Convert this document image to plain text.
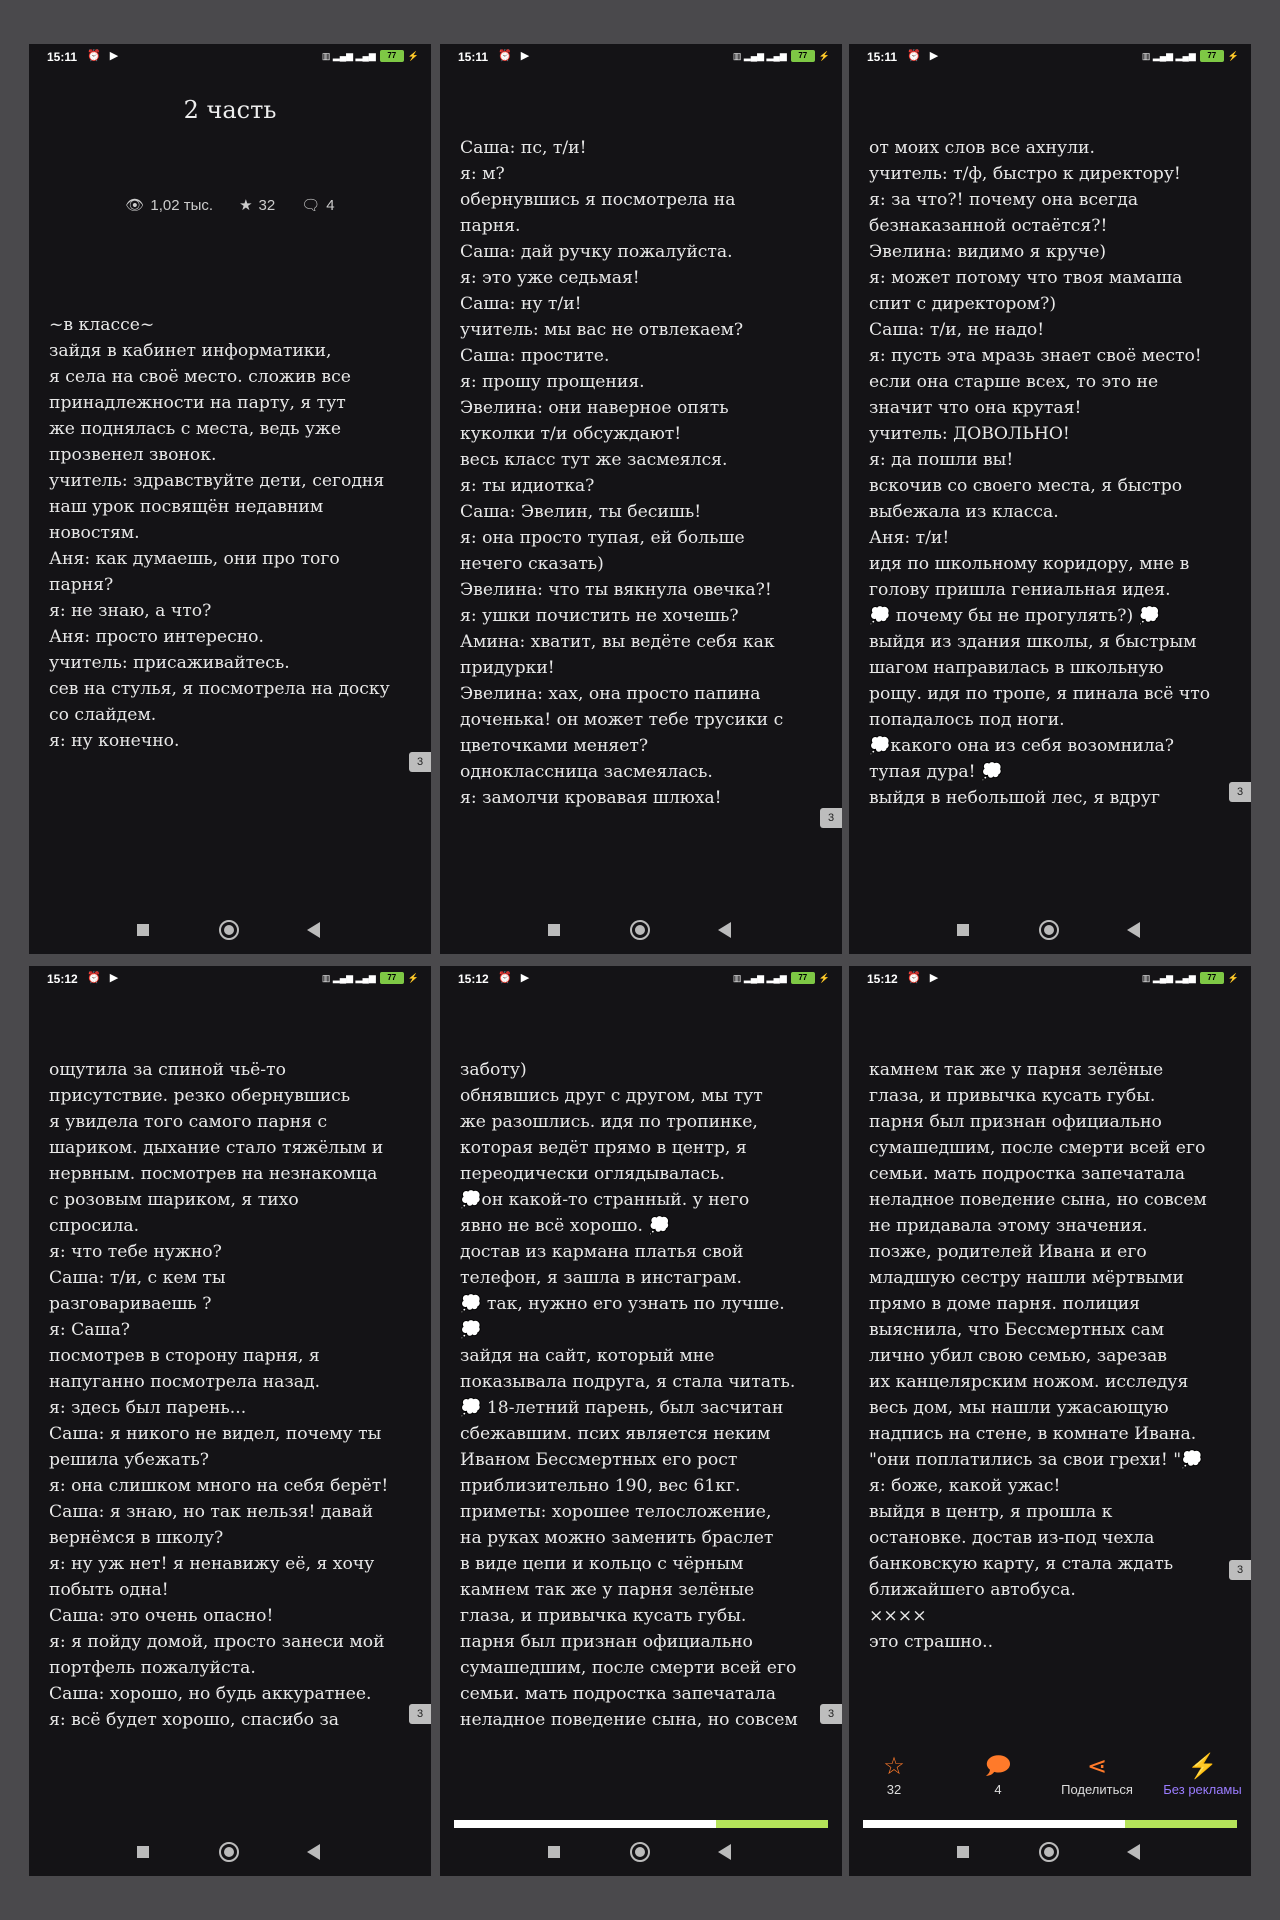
15:11 ⏰ ▶	▥ ▂▄▆ ▂▄▆	77	⚡
2 часть
👁 1,02 тыс. ★ 32 🗨 4
~в классе~
зайдя в кабинет информатики,
я села на своё место. сложив все
принадлежности на парту, я тут
же поднялась с места, ведь уже
прозвенел звонок.
учитель: здравствуйте дети, сегодня
наш урок посвящён недавним
новостям.
Аня: как думаешь, они про того
парня?
я: не знаю, а что?
Аня: просто интересно.
учитель: присаживайтесь.
сев на стулья, я посмотрела на доску
со слайдем.
я: ну конечно.
3
15:11 ⏰ ▶	▥ ▂▄▆ ▂▄▆	77	⚡
Саша: пс, т/и!
я: м?
обернувшись я посмотрела на
парня.
Саша: дай ручку пожалуйста.
я: это уже седьмая!
Саша: ну т/и!
учитель: мы вас не отвлекаем?
Саша: простите.
я: прошу прощения.
Эвелина: они наверное опять
куколки т/и обсуждают!
весь класс тут же засмеялся.
я: ты идиотка?
Саша: Эвелин, ты бесишь!
я: она просто тупая, ей больше
нечего сказать)
Эвелина: что ты вякнула овечка?!
я: ушки почистить не хочешь?
Амина: хватит, вы ведёте себя как
придурки!
Эвелина: хах, она просто папина
доченька! он может тебе трусики с
цветочками меняет?
одноклассница засмеялась.
я: замолчи кровавая шлюха!
3
15:11 ⏰ ▶	▥ ▂▄▆ ▂▄▆	77	⚡
от моих слов все ахнули.
учитель: т/ф, быстро к директору!
я: за что?! почему она всегда
безнаказанной остаётся?!
Эвелина: видимо я круче)
я: может потому что твоя мамаша
спит с директором?)
Саша: т/и, не надо!
я: пусть эта мразь знает своё место!
если она старше всех, то это не
значит что она крутая!
учитель: ДОВОЛЬНО!
я: да пошли вы!
вскочив со своего места, я быстро
выбежала из класса.
Аня: т/и!
идя по школьному коридору, мне в
голову пришла гениальная идея.
💭 почему бы не прогулять?) 💭
выйдя из здания школы, я быстрым
шагом направилась в школьную
рощу. идя по тропе, я пинала всё что
попадалось под ноги.
💭какого она из себя возомнила?
тупая дура! 💭
выйдя в небольшой лес, я вдруг	3
15:12 ⏰ ▶	▥ ▂▄▆ ▂▄▆	77	⚡
ощутила за спиной чьё-то
присутствие. резко обернувшись
я увидела того самого парня с
шариком. дыхание стало тяжёлым и
нервным. посмотрев на незнакомца
с розовым шариком, я тихо
спросила.
я: что тебе нужно?
Саша: т/и, с кем ты
разговариваешь ?
я: Саша?
посмотрев в сторону парня, я
напуганно посмотрела назад.
я: здесь был парень...
Саша: я никого не видел, почему ты
решила убежать?
я: она слишком много на себя берёт!
Саша: я знаю, но так нельзя! давай
вернёмся в школу?
я: ну уж нет! я ненавижу её, я хочу
побыть одна!
Саша: это очень опасно!
я: я пойду домой, просто занеси мой
портфель пожалуйста.
Саша: хорошо, но будь аккуратнее.
я: всё будет хорошо, спасибо за	3
15:12 ⏰ ▶	▥ ▂▄▆ ▂▄▆	77	⚡
заботу)
обнявшись друг с другом, мы тут
же разошлись. идя по тропинке,
которая ведёт прямо в центр, я
переодически оглядывалась.
💭он какой-то странный. у него
явно не всё хорошо. 💭
достав из кармана платья свой
телефон, я зашла в инстаграм.
💭 так, нужно его узнать по лучше.
💭
зайдя на сайт, который мне
показывала подруга, я стала читать.
💭 18-летний парень, был засчитан
сбежавшим. псих является неким
Иваном Бессмертных его рост
приблизительно 190, вес 61кг.
приметы: хорошее телосложение,
на руках можно заменить браслет
в виде цепи и кольцо с чёрным
камнем так же у парня зелёные
глаза, и привычка кусать губы.
парня был признан официально
сумашедшим, после смерти всей его
семьи. мать подростка запечатала
неладное поведение сына, но совсем	3
15:12 ⏰ ▶	▥ ▂▄▆ ▂▄▆	77	⚡
камнем так же у парня зелёные
глаза, и привычка кусать губы.
парня был признан официально
сумашедшим, после смерти всей его
семьи. мать подростка запечатала
неладное поведение сына, но совсем
не придавала этому значения.
позже, родителей Ивана и его
младшую сестру нашли мёртвыми
прямо в доме парня. полиция
выяснила, что Бессмертных сам
лично убил свою семью, зарезав
их канцелярским ножом. исследуя
весь дом, мы нашли ужасающую
надпись на стене, в комнате Ивана.
"они поплатились за свои грехи! "💭
я: боже, какой ужас!
выйдя в центр, я прошла к
остановке. достав из-под чехла
банковскую карту, я стала ждать
ближайшего автобуса.
××××
это страшно..
3
☆
32
🗩
4
⋖
Поделиться
⚡
Без рекламы
